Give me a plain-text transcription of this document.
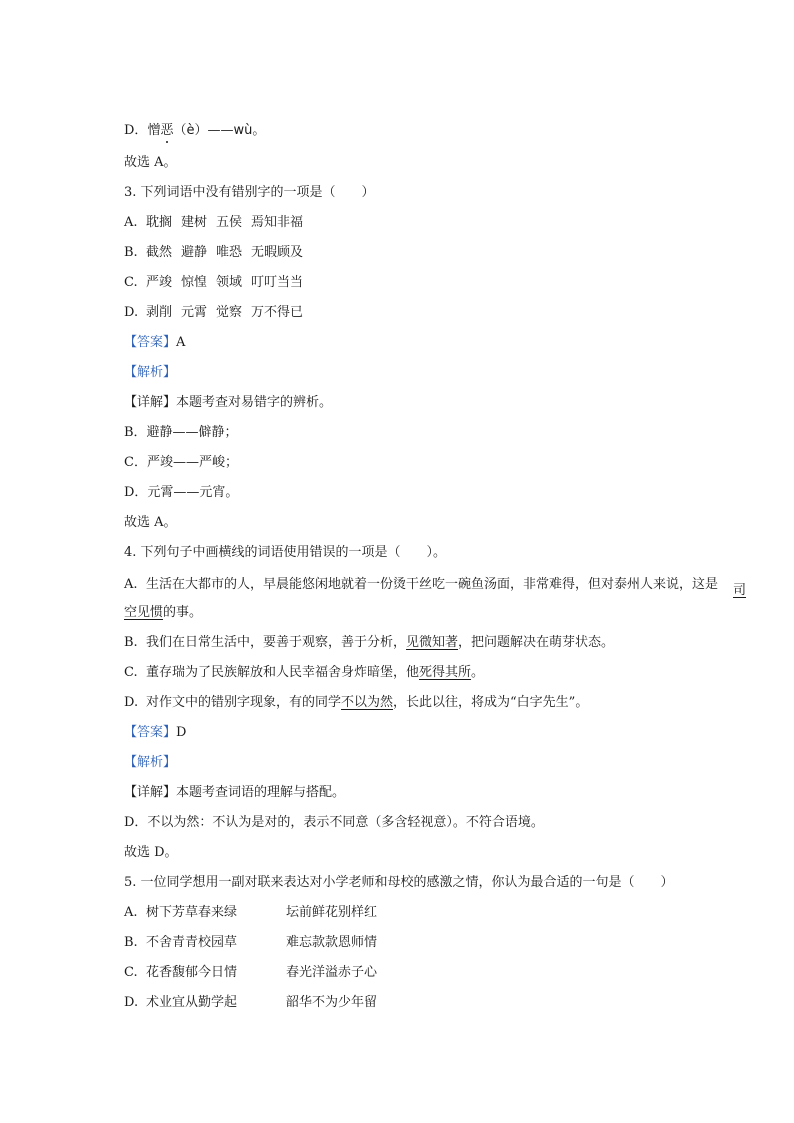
D．憎恶（è）——wù。
故选 A。
3. 下列词语中没有错别字的一项是（　　）
A. 耽搁 建树 五侯 焉知非福
B. 截然 避静 唯恐 无暇顾及
C. 严竣 惊惶 领域 叮叮当当
D. 剥削 元霄 觉察 万不得已
【答案】A
【解析】
【详解】本题考查对易错字的辨析。
B．避静——僻静；
C．严竣——严峻；
D．元霄——元宵。
故选 A。
4. 下列句子中画横线的词语使用错误的一项是（　　）。
A. 生活在大都市的人，早晨能悠闲地就着一份烫干丝吃一碗鱼汤面，非常难得，但对泰州人来说，这是	司
空见惯的事。
B. 我们在日常生活中，要善于观察，善于分析，见微知著，把问题解决在萌芽状态。
C. 董存瑞为了民族解放和人民幸福舍身炸暗堡，他死得其所。
D. 对作文中的错别字现象，有的同学不以为然，长此以往，将成为“白字先生”。
【答案】D
【解析】
【详解】本题考查词语的理解与搭配。
D．不以为然：不认为是对的，表示不同意（多含轻视意）。不符合语境。
故选 D。
5. 一位同学想用一副对联来表达对小学老师和母校的感激之情，你认为最合适的一句是（　　）
A. 树下芳草春来绿	坛前鲜花别样红
B. 不舍青青校园草	难忘款款恩师情
C. 花香馥郁今日情	春光洋溢赤子心
D. 术业宜从勤学起	韶华不为少年留
